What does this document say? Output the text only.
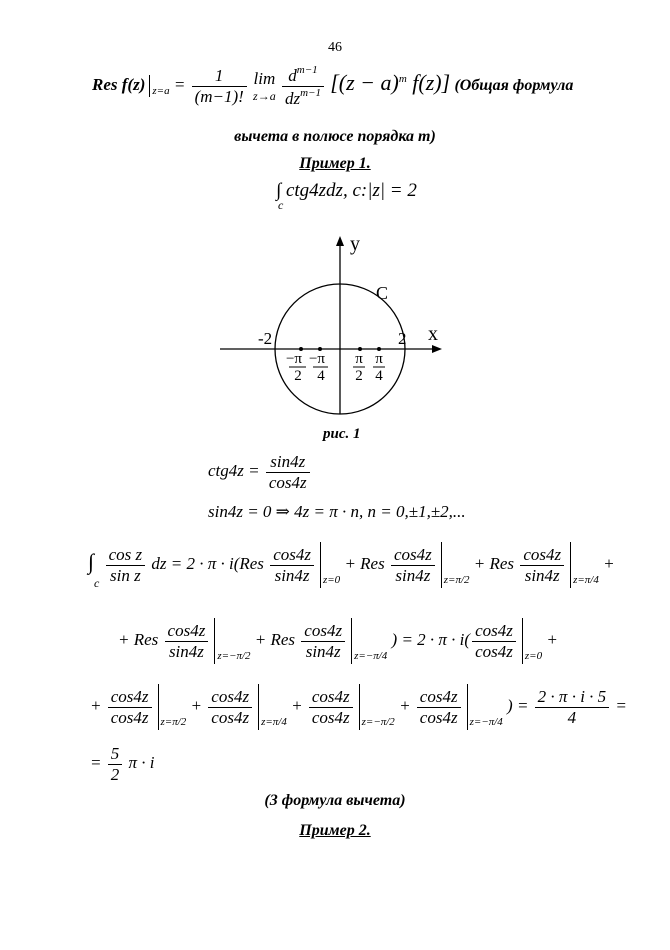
46
Res f(z) $_{z=a} = \frac{1}{(m-1)!}$
lim
z→a
$\frac{d^{m-1}}{dz^{m-1}} [(z - a)^m$ f(z)] (Общая формула
вычета в полюсе порядка m)
Пример 1.
∫ ctg4zdz, c:|z| = 2
c
y
x
C
-2	2
−π
2
−π
4
π
2
π
4
рис. 1
$ctg4z = \frac{\sin 4z}{\cos 4z}$
sin4z = 0 ⇒ 4z = π · n, n = 0,±1,±2,...
$\int_c \frac{\text{cos z}}{\text{sin z}}$ dz = $2 \cdot \pi \cdot i(Res \frac{\cos 4z}{\sin 4z} _{z=0}$ + Res $\frac{\cos 4z}{\sin 4z} _{z=\pi/2}$ + Res $\frac{\cos 4z}{\sin 4z} _{z=\pi/4}$ +
+ Res $\frac{\cos 4z}{\sin 4z} _{z=-\pi/2}$ + Res $\frac{\cos 4z}{\sin 4z} _{z=-\pi/4}$ ) = $2 \cdot \pi \cdot i( \frac{\cos 4z}{\cos 4z} _{z=0}$ +
+ $\frac{\cos 4z}{\cos 4z} _{z=\pi/2} + \frac{\cos 4z}{\cos 4z} _{z=\pi/4} + \frac{\cos 4z}{\cos 4z} _{z=-\pi/2} + \frac{\cos 4z}{\cos 4z} _{z=-\pi/4}$ ) = $\frac{2 \cdot \pi \cdot i \cdot 5}{4}$ =
= $\frac{5}{2}$ π · i
(3 формула вычета)
Пример 2.
